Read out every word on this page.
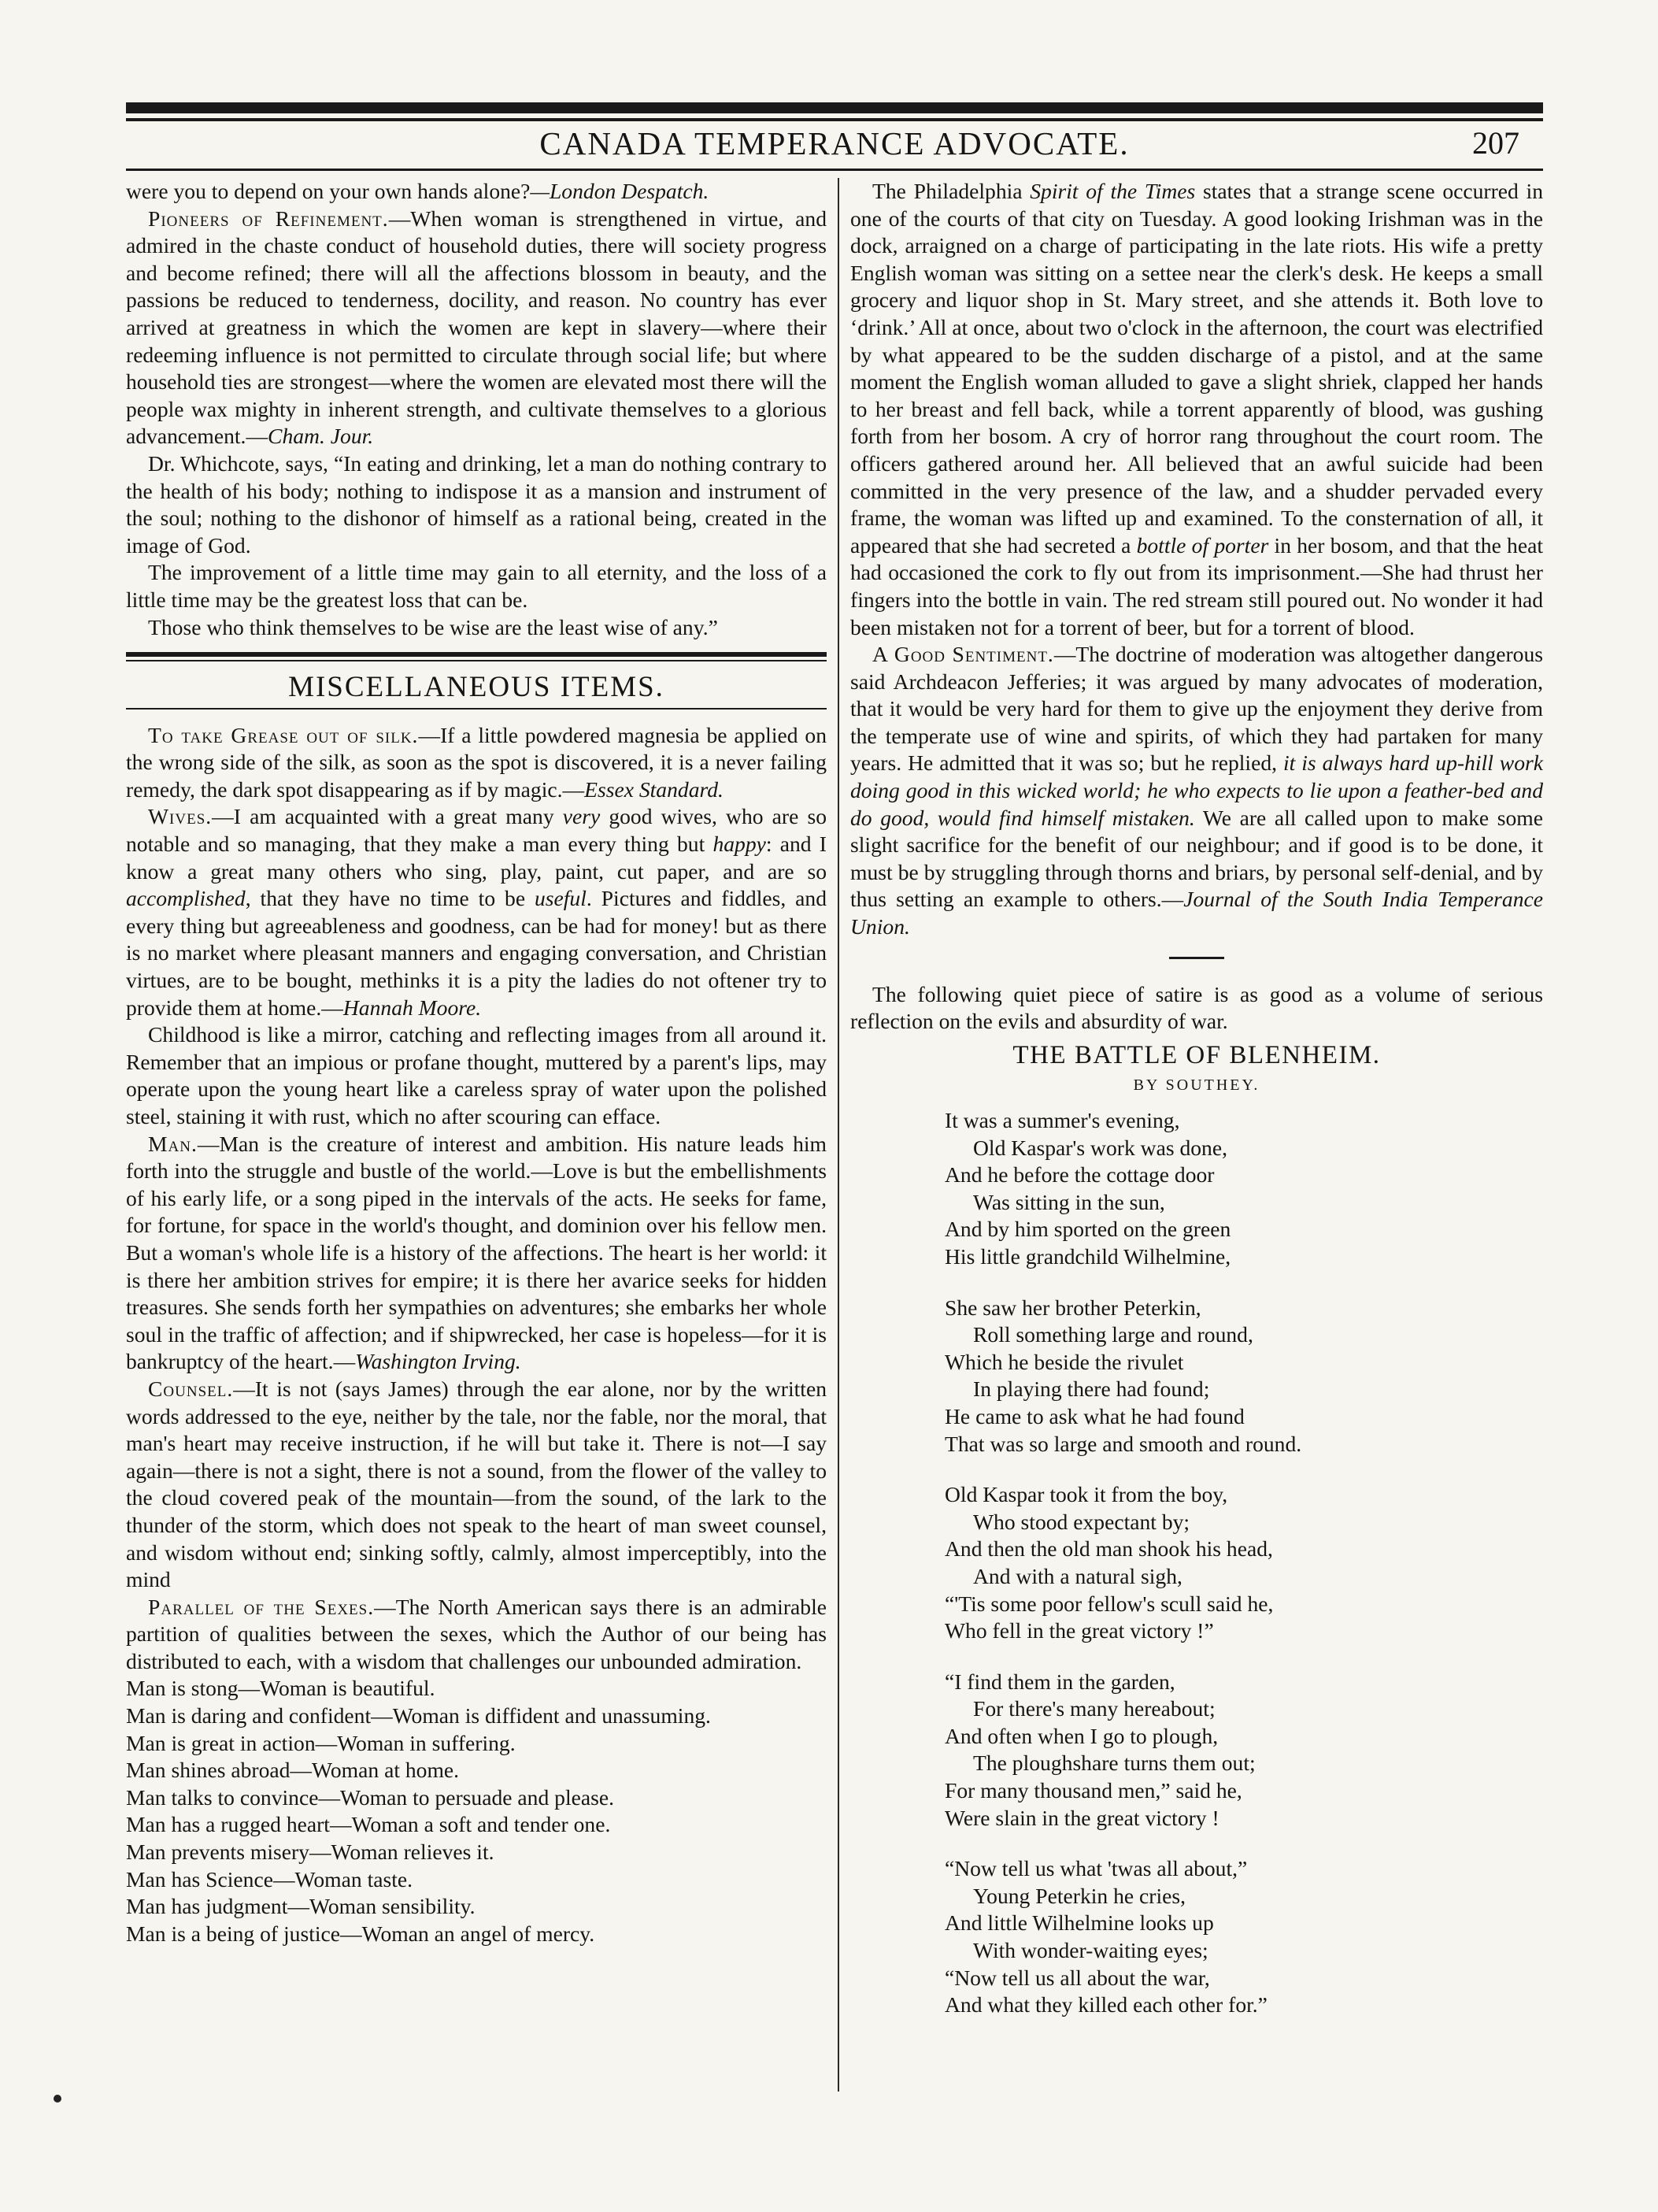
CANADA TEMPERANCE ADVOCATE.	207

were you to depend on your own hands alone?—London Despatch.

Pioneers of Refinement.—When woman is strengthened in virtue, and admired in the chaste conduct of household duties, there will society progress and become refined; there will all the affections blossom in beauty, and the passions be reduced to tenderness, docility, and reason. No country has ever arrived at greatness in which the women are kept in slavery—where their redeeming influence is not permitted to circulate through social life; but where household ties are strongest—where the women are elevated most there will the people wax mighty in inherent strength, and cultivate themselves to a glorious advancement.—Cham. Jour.

Dr. Whichcote, says, “In eating and drinking, let a man do nothing contrary to the health of his body; nothing to indispose it as a mansion and instrument of the soul; nothing to the dishonor of himself as a rational being, created in the image of God.

The improvement of a little time may gain to all eternity, and the loss of a little time may be the greatest loss that can be.

Those who think themselves to be wise are the least wise of any.”

MISCELLANEOUS ITEMS.

To take Grease out of silk.—If a little powdered magnesia be applied on the wrong side of the silk, as soon as the spot is discovered, it is a never failing remedy, the dark spot disappearing as if by magic.—Essex Standard.

Wives.—I am acquainted with a great many very good wives, who are so notable and so managing, that they make a man every thing but happy: and I know a great many others who sing, play, paint, cut paper, and are so accomplished, that they have no time to be useful. Pictures and fiddles, and every thing but agreeableness and goodness, can be had for money! but as there is no market where pleasant manners and engaging conversation, and Christian virtues, are to be bought, methinks it is a pity the ladies do not oftener try to provide them at home.—Hannah Moore.

Childhood is like a mirror, catching and reflecting images from all around it. Remember that an impious or profane thought, muttered by a parent's lips, may operate upon the young heart like a careless spray of water upon the polished steel, staining it with rust, which no after scouring can efface.

Man.—Man is the creature of interest and ambition. His nature leads him forth into the struggle and bustle of the world.—Love is but the embellishments of his early life, or a song piped in the intervals of the acts. He seeks for fame, for fortune, for space in the world's thought, and dominion over his fellow men. But a woman's whole life is a history of the affections. The heart is her world: it is there her ambition strives for empire; it is there her avarice seeks for hidden treasures. She sends forth her sympathies on adventures; she embarks her whole soul in the traffic of affection; and if shipwrecked, her case is hopeless—for it is bankruptcy of the heart.—Washington Irving.

Counsel.—It is not (says James) through the ear alone, nor by the written words addressed to the eye, neither by the tale, nor the fable, nor the moral, that man's heart may receive instruction, if he will but take it. There is not—I say again—there is not a sight, there is not a sound, from the flower of the valley to the cloud covered peak of the mountain—from the sound, of the lark to the thunder of the storm, which does not speak to the heart of man sweet counsel, and wisdom without end; sinking softly, calmly, almost imperceptibly, into the mind

Parallel of the Sexes.—The North American says there is an admirable partition of qualities between the sexes, which the Author of our being has distributed to each, with a wisdom that challenges our unbounded admiration.

Man is stong—Woman is beautiful.

Man is daring and confident—Woman is diffident and unassuming.

Man is great in action—Woman in suffering.

Man shines abroad—Woman at home.

Man talks to convince—Woman to persuade and please.

Man has a rugged heart—Woman a soft and tender one.

Man prevents misery—Woman relieves it.

Man has Science—Woman taste.

Man has judgment—Woman sensibility.

Man is a being of justice—Woman an angel of mercy.

The Philadelphia Spirit of the Times states that a strange scene occurred in one of the courts of that city on Tuesday. A good looking Irishman was in the dock, arraigned on a charge of participating in the late riots. His wife a pretty English woman was sitting on a settee near the clerk's desk. He keeps a small grocery and liquor shop in St. Mary street, and she attends it. Both love to ‘drink.’ All at once, about two o'clock in the afternoon, the court was electrified by what appeared to be the sudden discharge of a pistol, and at the same moment the English woman alluded to gave a slight shriek, clapped her hands to her breast and fell back, while a torrent apparently of blood, was gushing forth from her bosom. A cry of horror rang throughout the court room. The officers gathered around her. All believed that an awful suicide had been committed in the very presence of the law, and a shudder pervaded every frame, the woman was lifted up and examined. To the consternation of all, it appeared that she had secreted a bottle of porter in her bosom, and that the heat had occasioned the cork to fly out from its imprisonment.—She had thrust her fingers into the bottle in vain. The red stream still poured out. No wonder it had been mistaken not for a torrent of beer, but for a torrent of blood.

A Good Sentiment.—The doctrine of moderation was altogether dangerous said Archdeacon Jefferies; it was argued by many advocates of moderation, that it would be very hard for them to give up the enjoyment they derive from the temperate use of wine and spirits, of which they had partaken for many years. He admitted that it was so; but he replied, it is always hard up-hill work doing good in this wicked world; he who expects to lie upon a feather-bed and do good, would find himself mistaken. We are all called upon to make some slight sacrifice for the benefit of our neighbour; and if good is to be done, it must be by struggling through thorns and briars, by personal self-denial, and by thus setting an example to others.—Journal of the South India Temperance Union.

The following quiet piece of satire is as good as a volume of serious reflection on the evils and absurdity of war.

THE BATTLE OF BLENHEIM.
BY SOUTHEY.
It was a summer's evening,
Old Kaspar's work was done,
And he before the cottage door
Was sitting in the sun,
And by him sported on the green
His little grandchild Wilhelmine,
She saw her brother Peterkin,
Roll something large and round,
Which he beside the rivulet
In playing there had found;
He came to ask what he had found
That was so large and smooth and round.
Old Kaspar took it from the boy,
Who stood expectant by;
And then the old man shook his head,
And with a natural sigh,
“'Tis some poor fellow's scull said he,
Who fell in the great victory !”
“I find them in the garden,
For there's many hereabout;
And often when I go to plough,
The ploughshare turns them out;
For many thousand men,” said he,
Were slain in the great victory !
“Now tell us what 'twas all about,”
Young Peterkin he cries,
And little Wilhelmine looks up
With wonder-waiting eyes;
“Now tell us all about the war,
And what they killed each other for.”
